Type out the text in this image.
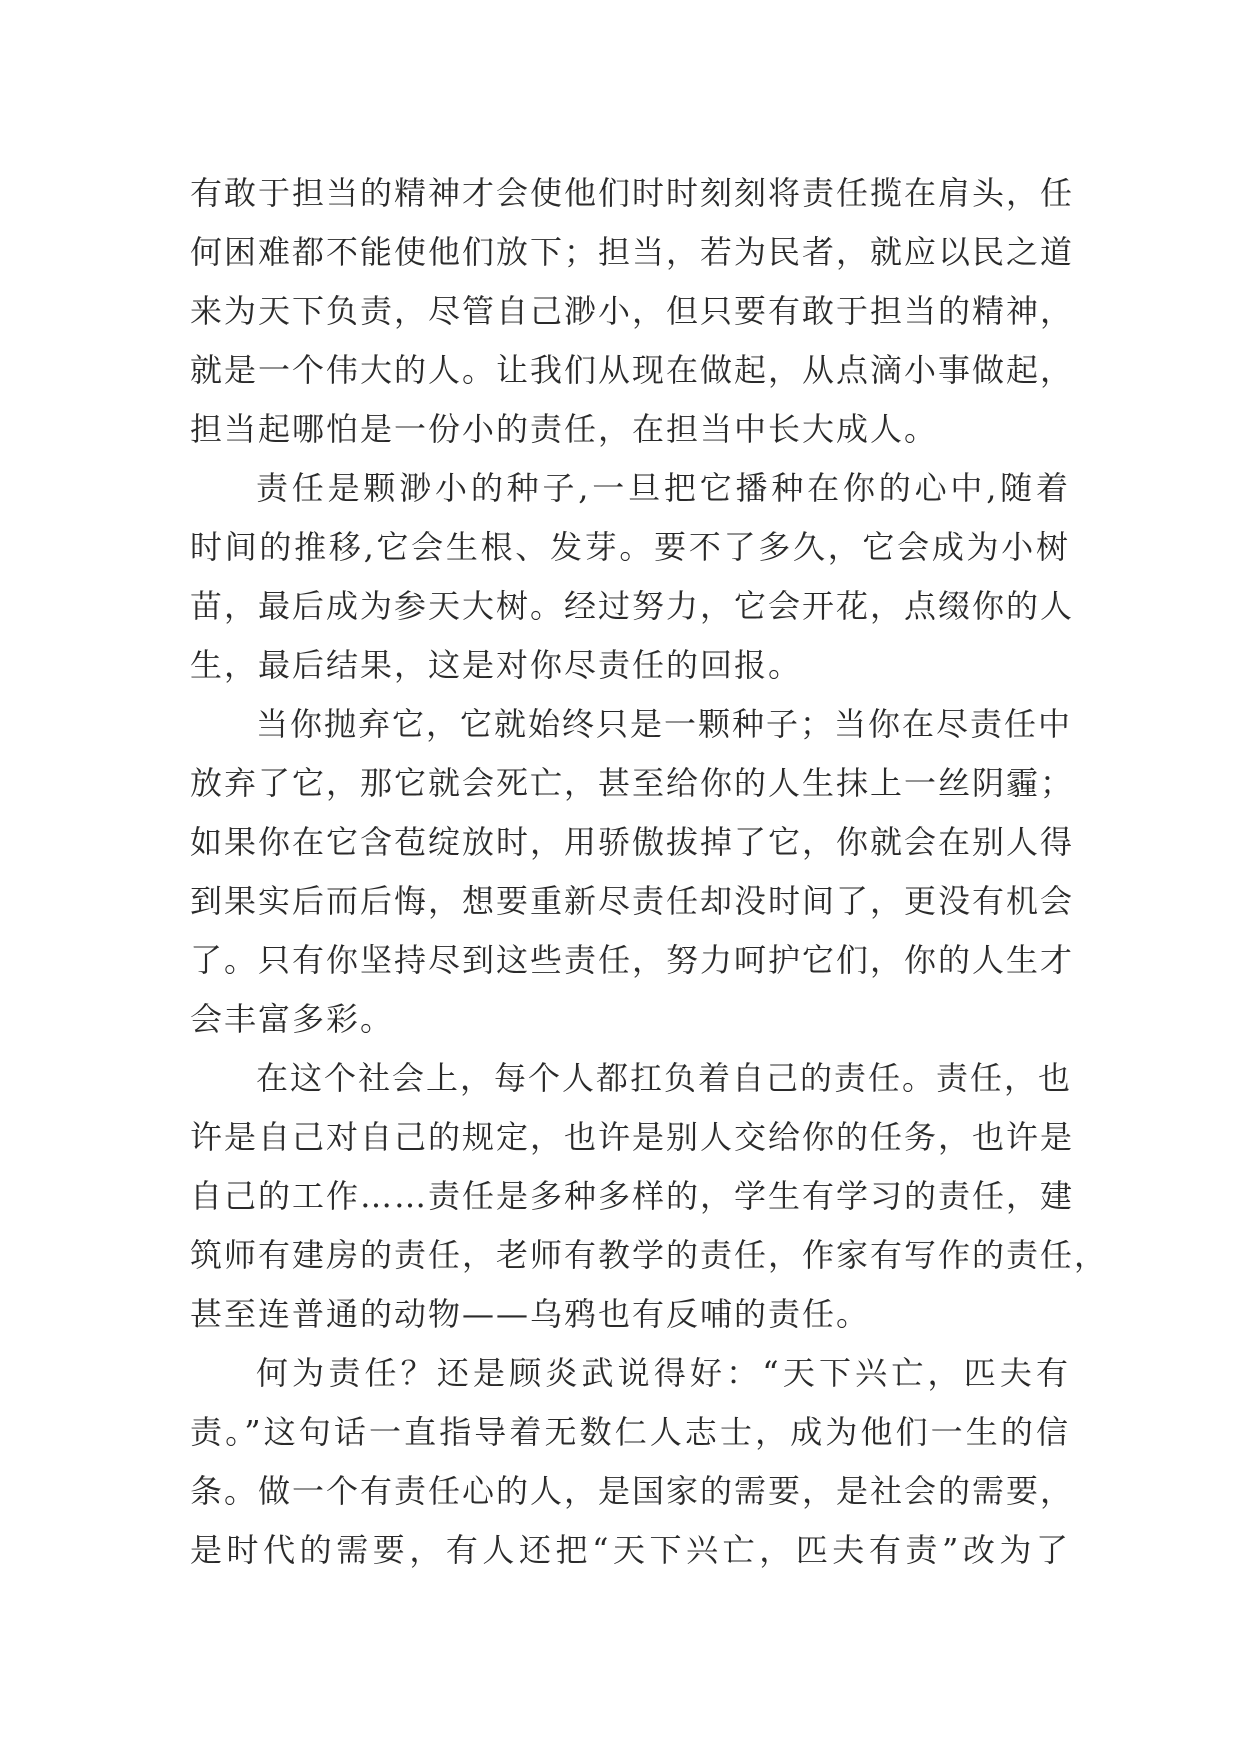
有敢于担当的精神才会使他们时时刻刻将责任揽在肩头，任
何困难都不能使他们放下；担当，若为民者，就应以民之道
来为天下负责，尽管自己渺小，但只要有敢于担当的精神，
就是一个伟大的人。让我们从现在做起，从点滴小事做起，
担当起哪怕是一份小的责任，在担当中长大成人。
责任是颗渺小的种子,一旦把它播种在你的心中,随着
时间的推移,它会生根、发芽。要不了多久，它会成为小树
苗，最后成为参天大树。经过努力，它会开花，点缀你的人
生，最后结果，这是对你尽责任的回报。
当你抛弃它，它就始终只是一颗种子；当你在尽责任中
放弃了它，那它就会死亡，甚至给你的人生抹上一丝阴霾；
如果你在它含苞绽放时，用骄傲拔掉了它，你就会在别人得
到果实后而后悔，想要重新尽责任却没时间了，更没有机会
了。只有你坚持尽到这些责任，努力呵护它们，你的人生才
会丰富多彩。
在这个社会上，每个人都扛负着自己的责任。责任，也
许是自己对自己的规定，也许是别人交给你的任务，也许是
自己的工作……责任是多种多样的，学生有学习的责任，建
筑师有建房的责任，老师有教学的责任，作家有写作的责任，
甚至连普通的动物——乌鸦也有反哺的责任。
何为责任？还是顾炎武说得好：“天下兴亡，匹夫有
责。”这句话一直指导着无数仁人志士，成为他们一生的信
条。做一个有责任心的人，是国家的需要，是社会的需要，
是时代的需要，有人还把“天下兴亡，匹夫有责”改为了
